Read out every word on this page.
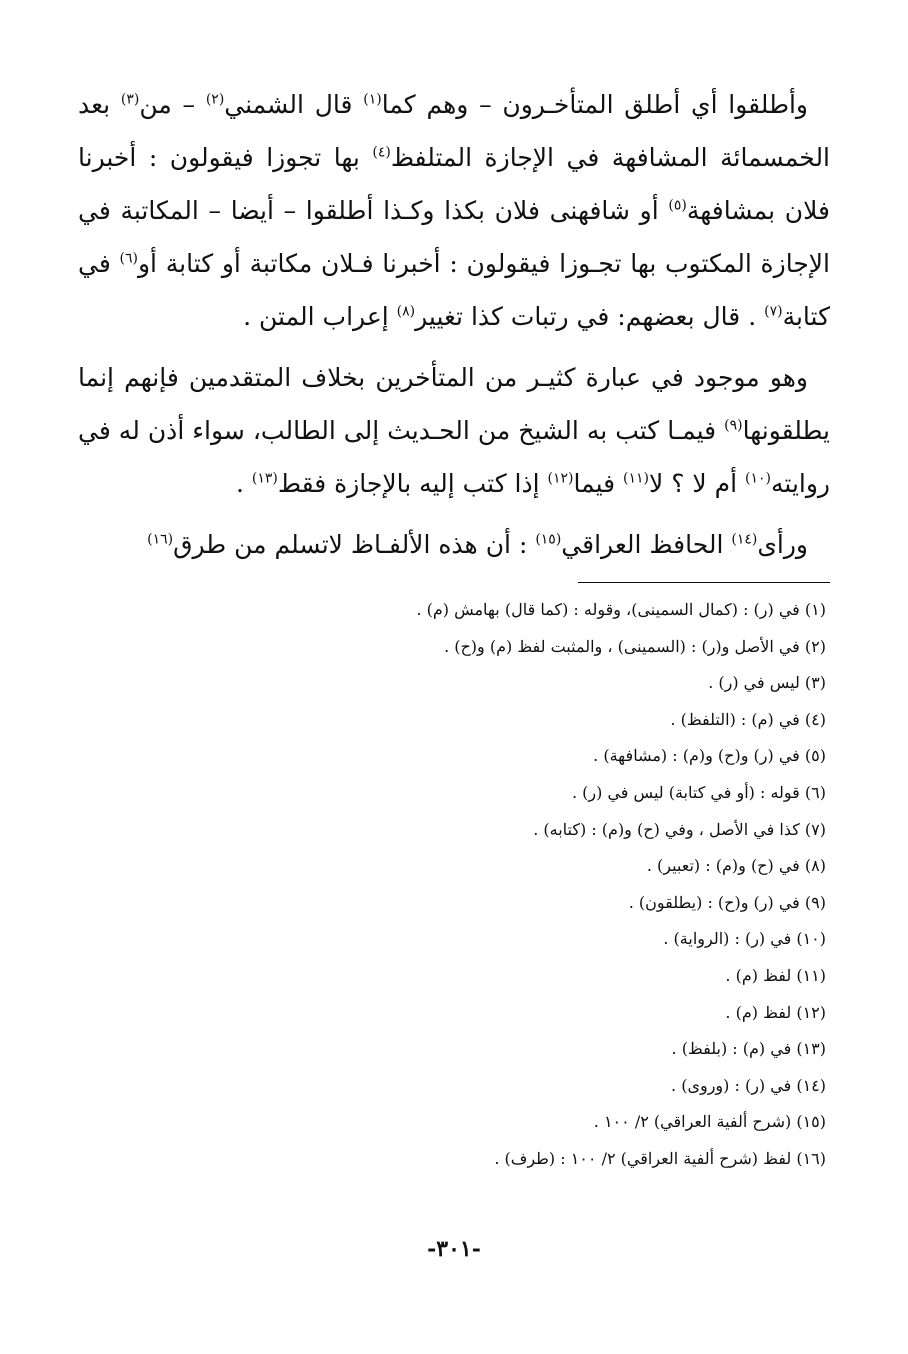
وأطلقوا أي أطلق المتأخـرون – وهم كما$^{(١)}$ قال الشمني$^{(٢)}$ – من$^{(٣)}$ بعد الخمسمائة المشافهة في الإجازة المتلفظ$^{(٤)}$ بها تجوزا فيقولون : أخبرنا فلان بمشافهة$^{(٥)}$ أو شافهنى فلان بكذا وكـذا أطلقوا – أيضا – المكاتبة في الإجازة المكتوب بها تجـوزا فيقولون : أخبرنا فـلان مكاتبة أو كتابة أو$^{(٦)}$ في كتابة$^{(٧)}$ . قال بعضهم: في رتبات كذا تغيير$^{(٨)}$ إعراب المتن .

وهو موجود في عبارة كثيـر من المتأخرين بخلاف المتقدمين فإنهم إنما يطلقونها$^{(٩)}$ فيمـا كتب به الشيخ من الحـديث إلى الطالب، سواء أذن له في روايته$^{(١٠)}$ أم لا ؟ لا$^{(١١)}$ فيما$^{(١٢)}$ إذا كتب إليه بالإجازة فقط$^{(١٣)}$ .

ورأى$^{(١٤)}$ الحافظ العراقي$^{(١٥)}$ : أن هذه الألفـاظ لاتسلم من طرق$^{(١٦)}$

(١) في (ر) : (كمال السمينى)، وقوله : (كما قال) بهامش (م) .

(٢) في الأصل و(ر) : (السمينى) ، والمثبت لفظ (م) و(ح) .

(٣) ليس في (ر) .

(٤) في (م) : (التلفظ) .

(٥) في (ر) و(ح) و(م) : (مشافهة) .

(٦) قوله : (أو في كتابة) ليس في (ر) .

(٧) كذا في الأصل ، وفي (ح) و(م) : (كتابه) .

(٨) في (ح) و(م) : (تعبير) .

(٩) في (ر) و(ح) : (يطلقون) .

(١٠) في (ر) : (الرواية) .

(١١) لفظ (م) .

(١٢) لفظ (م) .

(١٣) في (م) : (بلفظ) .

(١٤) في (ر) : (وروى) .

(١٥) (شرح ألفية العراقي) ٢/ ١٠٠ .

(١٦) لفظ (شرح ألفية العراقي) ٢/ ١٠٠ : (طرف) .

-٣٠١-
